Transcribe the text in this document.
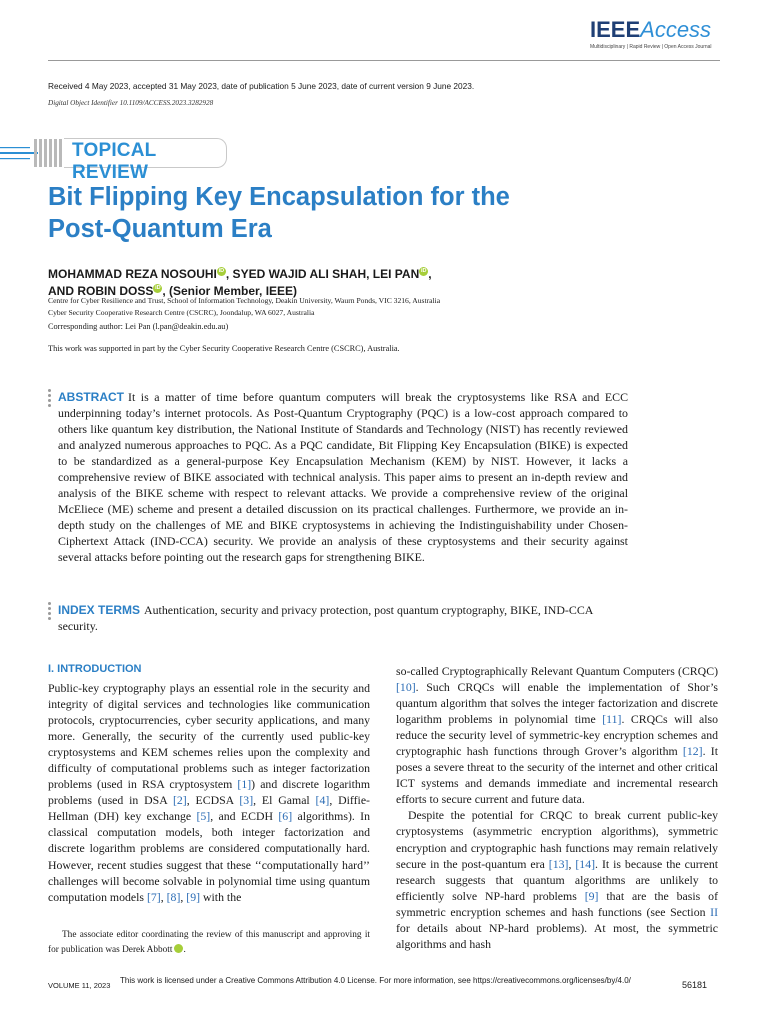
IEEEAccess
Multidisciplinary | Rapid Review | Open Access Journal
Received 4 May 2023, accepted 31 May 2023, date of publication 5 June 2023, date of current version 9 June 2023.
Digital Object Identifier 10.1109/ACCESS.2023.3282928
TOPICAL REVIEW
Bit Flipping Key Encapsulation for the Post-Quantum Era
MOHAMMAD REZA NOSOUHI iD , SYED WAJID ALI SHAH, LEI PAN iD ,
AND ROBIN DOSS iD , (Senior Member, IEEE)
Centre for Cyber Resilience and Trust, School of Information Technology, Deakin University, Waurn Ponds, VIC 3216, Australia
Cyber Security Cooperative Research Centre (CSCRC), Joondalup, WA 6027, Australia
Corresponding author: Lei Pan (l.pan@deakin.edu.au)
This work was supported in part by the Cyber Security Cooperative Research Centre (CSCRC), Australia.
ABSTRACT It is a matter of time before quantum computers will break the cryptosystems like RSA and ECC underpinning today’s internet protocols. As Post-Quantum Cryptography (PQC) is a low-cost approach compared to others like quantum key distribution, the National Institute of Standards and Technology (NIST) has recently reviewed and analyzed numerous approaches to PQC. As a PQC candidate, Bit Flipping Key Encapsulation (BIKE) is expected to be standardized as a general-purpose Key Encapsulation Mechanism (KEM) by NIST. However, it lacks a comprehensive review of BIKE associated with technical analysis. This paper aims to present an in-depth review and analysis of the BIKE scheme with respect to relevant attacks. We provide a comprehensive review of the original McEliece (ME) scheme and present a detailed discussion on its practical challenges. Furthermore, we provide an in-depth study on the challenges of ME and BIKE cryptosystems in achieving the Indistinguishability under Chosen-Ciphertext Attack (IND-CCA) security. We provide an analysis of these cryptosystems and their security against several attacks before pointing out the research gaps for strengthening BIKE.
INDEX TERMS Authentication, security and privacy protection, post quantum cryptography, BIKE, IND-CCA security.
I. INTRODUCTION
Public-key cryptography plays an essential role in the security and integrity of digital services and technologies like communication protocols, cryptocurrencies, cyber security applications, and many more. Generally, the security of the currently used public-key cryptosystems and KEM schemes relies upon the complexity and difficulty of computational problems such as integer factorization problems (used in RSA cryptosystem [1]) and discrete logarithm problems (used in DSA [2], ECDSA [3], El Gamal [4], Diffie-Hellman (DH) key exchange [5], and ECDH [6] algorithms). In classical computation models, both integer factorization and discrete logarithm problems are considered computationally hard. However, recent studies suggest that these ‘‘computationally hard’’ challenges will become solvable in polynomial time using quantum computation models [7], [8], [9] with the
The associate editor coordinating the review of this manuscript and approving it for publication was Derek Abbott	iD.
so-called Cryptographically Relevant Quantum Computers (CRQC) [10]. Such CRQCs will enable the implementation of Shor’s quantum algorithm that solves the integer factorization and discrete logarithm problems in polynomial time [11]. CRQCs will also reduce the security level of symmetric-key encryption schemes and cryptographic hash functions through Grover’s algorithm [12]. It poses a severe threat to the security of the internet and other critical ICT systems and demands immediate and incremental research efforts to secure current and future data.
Despite the potential for CRQC to break current public-key cryptosystems (asymmetric encryption algorithms), symmetric encryption and cryptographic hash functions may remain relatively secure in the post-quantum era [13], [14]. It is because the current research suggests that quantum algorithms are unlikely to efficiently solve NP-hard problems [9] that are the basis of symmetric encryption schemes and hash functions (see Section II for details about NP-hard problems). At most, the symmetric algorithms and hash
VOLUME 11, 2023
This work is licensed under a Creative Commons Attribution 4.0 License. For more information, see https://creativecommons.org/licenses/by/4.0/	56181
